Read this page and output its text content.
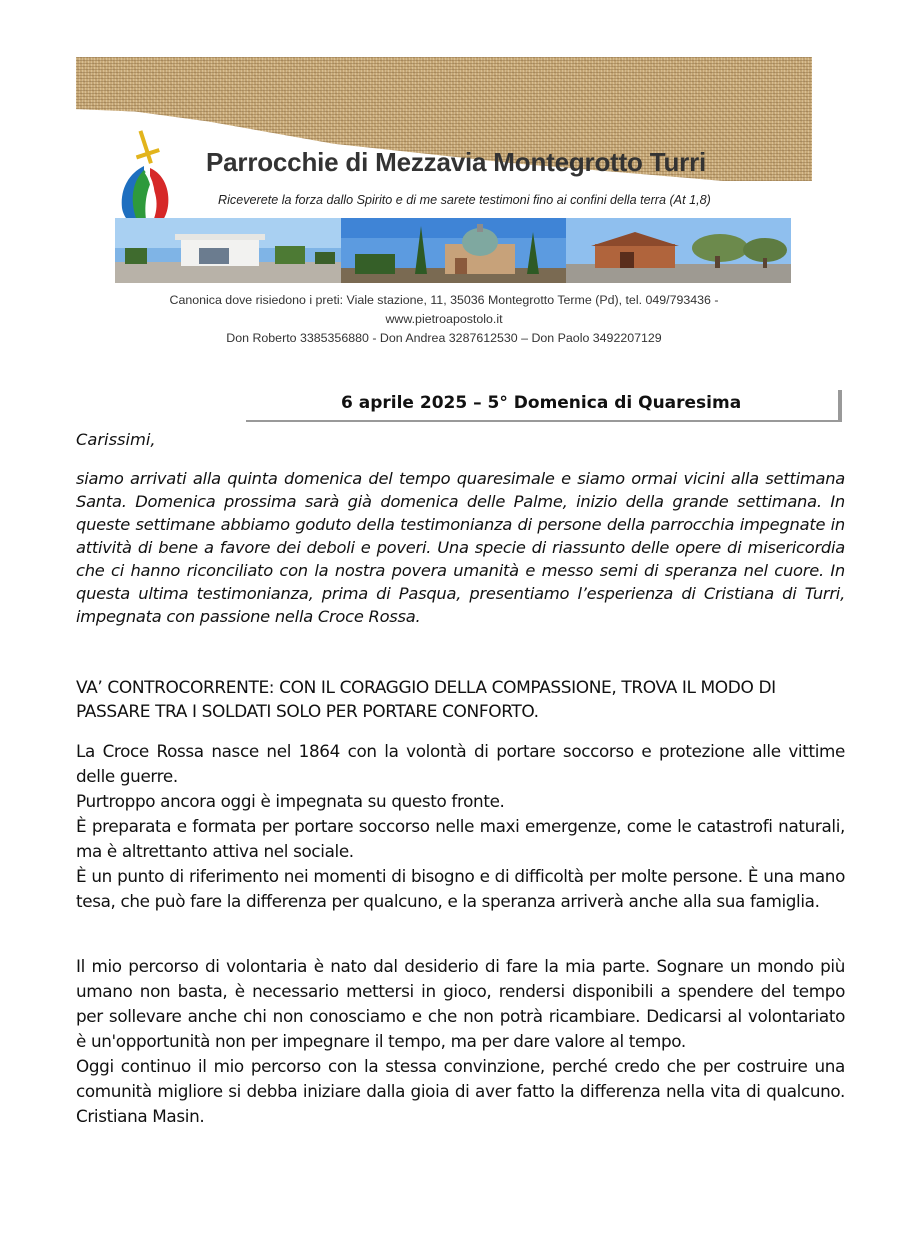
Parrocchie di Mezzavia Montegrotto Turri
Riceverete la forza dallo Spirito e di me sarete testimoni fino ai confini della terra (At 1,8)
Canonica dove risiedono i preti: Viale stazione, 11, 35036 Montegrotto Terme (Pd), tel. 049/793436 -
www.pietroapostolo.it
Don Roberto 3385356880 - Don Andrea 3287612530 – Don Paolo 3492207129
6 aprile 2025 – 5° Domenica di Quaresima

Carissimi,

siamo arrivati alla quinta domenica del tempo quaresimale e siamo ormai vicini alla settimana Santa. Domenica prossima sarà già domenica delle Palme, inizio della grande settimana. In queste settimane abbiamo goduto della testimonianza di persone della parrocchia impegnate in attività di bene a favore dei deboli e poveri. Una specie di riassunto delle opere di misericordia che ci hanno riconciliato con la nostra povera umanità e messo semi di speranza nel cuore. In questa ultima testimonianza, prima di Pasqua, presentiamo l’esperienza di Cristiana di Turri, impegnata con passione nella Croce Rossa.

VA’ CONTROCORRENTE: CON IL CORAGGIO DELLA COMPASSIONE, TROVA IL MODO DI PASSARE TRA I SOLDATI SOLO PER PORTARE CONFORTO.
La Croce Rossa nasce nel 1864 con la volontà di portare soccorso e protezione alle vittime delle guerre.
Purtroppo ancora oggi è impegnata su questo fronte.
È preparata e formata per portare soccorso nelle maxi emergenze, come le catastrofi naturali, ma è altrettanto attiva nel sociale.
È un punto di riferimento nei momenti di bisogno e di difficoltà per molte persone. È una mano tesa, che può fare la differenza per qualcuno, e la speranza arriverà anche alla sua famiglia.
Il mio percorso di volontaria è nato dal desiderio di fare la mia parte. Sognare un mondo più umano non basta, è necessario mettersi in gioco, rendersi disponibili a spendere del tempo per sollevare anche chi non conosciamo e che non potrà ricambiare. Dedicarsi al volontariato è un'opportunità non per impegnare il tempo, ma per dare valore al tempo.
Oggi continuo il mio percorso con la stessa convinzione, perché credo che per costruire una comunità migliore si debba iniziare dalla gioia di aver fatto la differenza nella vita di qualcuno. Cristiana Masin.
